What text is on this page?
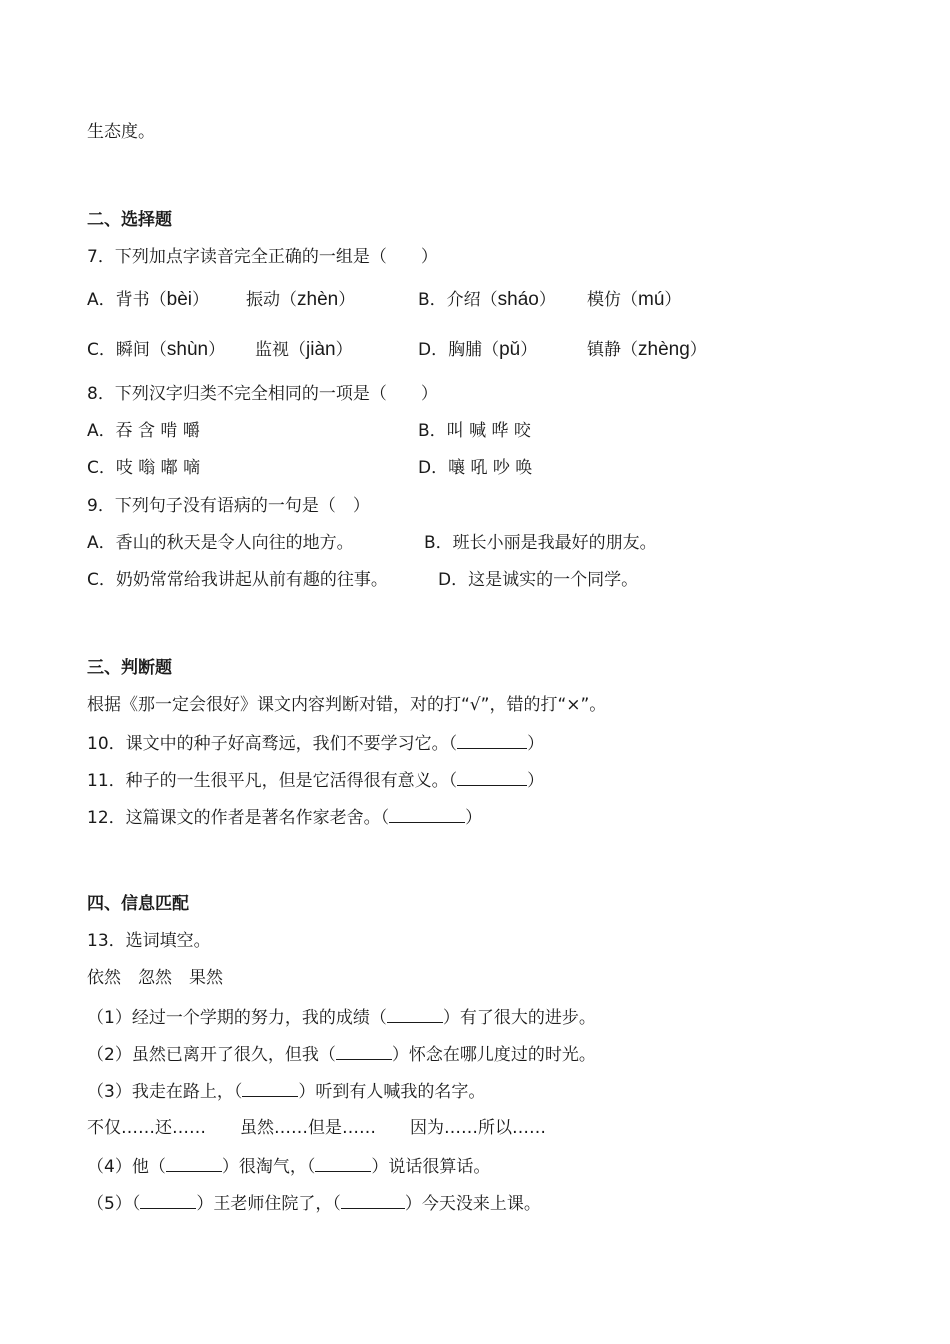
生态度。
二、选择题
7．下列加点字读音完全正确的一组是（　　）
A．背书（bèi） 振动（zhèn）	B．介绍（sháo） 模仿（mú）
C．瞬间（shùn） 监视（jiàn）	D．胸脯（pǔ）	镇静（zhèng）
8．下列汉字归类不完全相同的一项是（　　）
A．吞 含 啃 嚼	B．叫 喊 哗 咬
C．吱 嗡 嘟 嘀	D．嚷 吼 吵 唤
9．下列句子没有语病的一句是（　）
A．香山的秋天是令人向往的地方。	B．班长小丽是我最好的朋友。
C．奶奶常常给我讲起从前有趣的往事。	D．这是诚实的一个同学。
三、判断题
根据《那一定会很好》课文内容判断对错，对的打“√”，错的打“×”。
10．课文中的种子好高骛远，我们不要学习它。（	）
11．种子的一生很平凡，但是它活得很有意义。（	）
12．这篇课文的作者是著名作家老舍。（	）
四、信息匹配
13．选词填空。
依然　忽然　果然
（1）经过一个学期的努力，我的成绩（	）有了很大的进步。
（2）虽然已离开了很久，但我（	）怀念在哪儿度过的时光。
（3）我走在路上，（	）听到有人喊我的名字。
不仅……还……　　虽然……但是……　　因为……所以……
（4）他（	）很淘气，（	）说话很算话。
（5）（	）王老师住院了，（	）今天没来上课。
